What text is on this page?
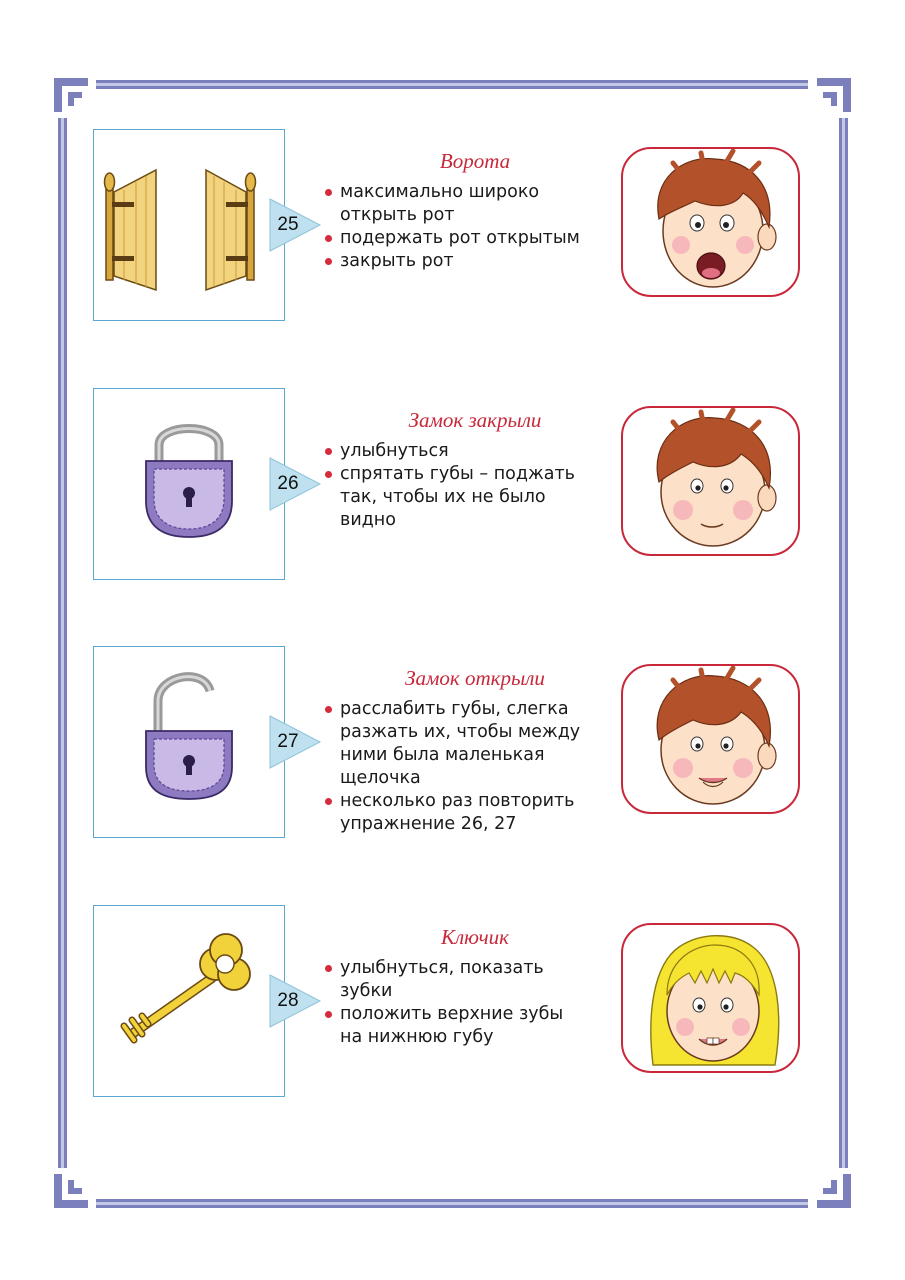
25
Ворота
максимально широко
открыть рот
подержать рот открытым
закрыть рот
26
Замок закрыли
улыбнуться
спрятать губы – поджать
так, чтобы их не было
видно
27
Замок открыли
расслабить губы, слегка
разжать их, чтобы между
ними была маленькая
щелочка
несколько раз повторить
упражнение 26, 27
28
Ключик
улыбнуться, показать
зубки
положить верхние зубы
на нижнюю губу
